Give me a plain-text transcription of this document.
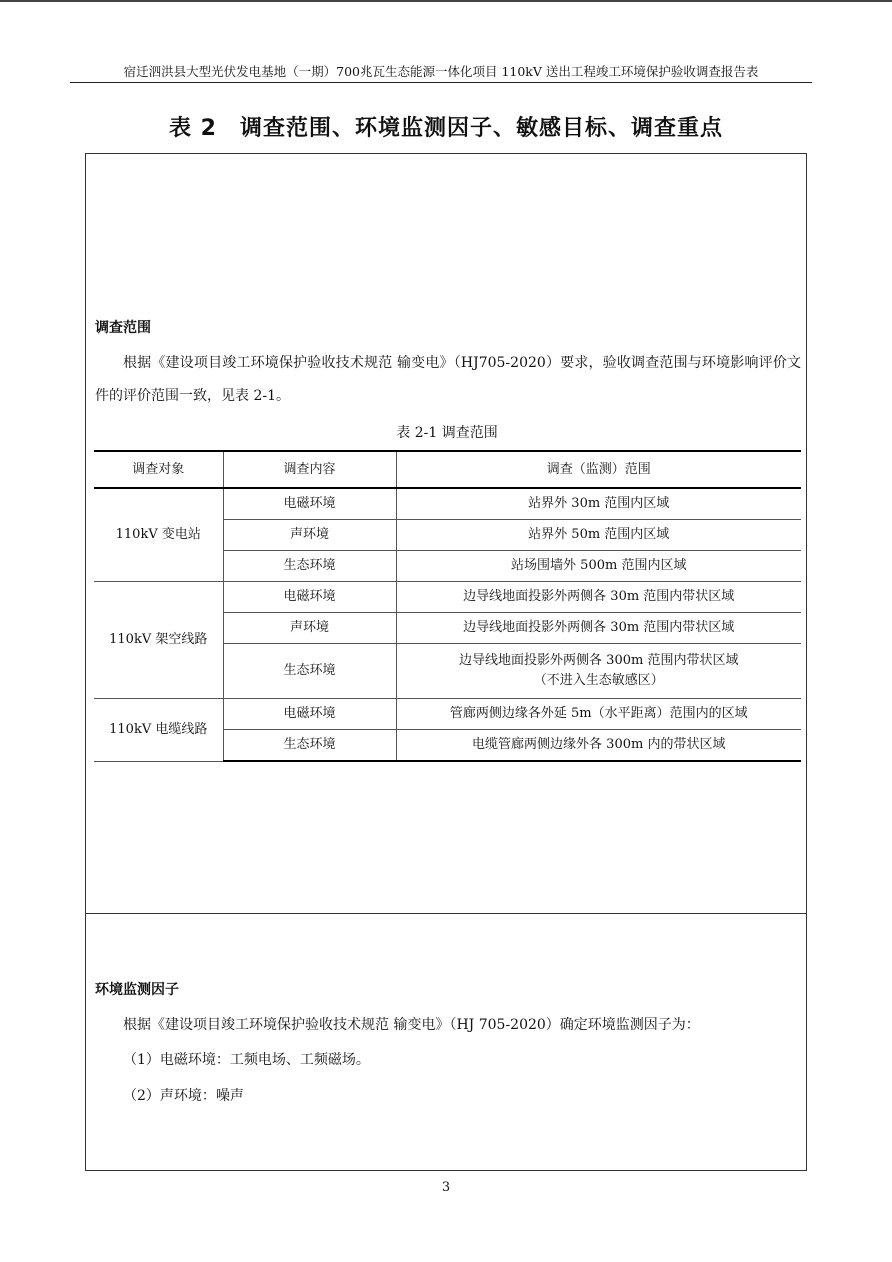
宿迁泗洪县大型光伏发电基地（一期）700兆瓦生态能源一体化项目 110kV 送出工程竣工环境保护验收调查报告表
表 2　调查范围、环境监测因子、敏感目标、调查重点
调查范围

根据《建设项目竣工环境保护验收技术规范 输变电》（HJ705-2020）要求，验收调查范围与环境影响评价文件的评价范围一致，见表 2-1。

表 2-1 调查范围
调查对象	调查内容	调查（监测）范围
110kV 变电站	电磁环境	站界外 30m 范围内区域
	声环境	站界外 50m 范围内区域
	生态环境	站场围墙外 500m 范围内区域
110kV 架空线路	电磁环境	边导线地面投影外两侧各 30m 范围内带状区域
	声环境	边导线地面投影外两侧各 30m 范围内带状区域
	生态环境	边导线地面投影外两侧各 300m 范围内带状区域
（不进入生态敏感区）

110kV 电缆线路	电磁环境	管廊两侧边缘各外延 5m（水平距离）范围内的区域
	生态环境	电缆管廊两侧边缘外各 300m 内的带状区域
环境监测因子

根据《建设项目竣工环境保护验收技术规范 输变电》（HJ 705-2020）确定环境监测因子为：

（1）电磁环境：工频电场、工频磁场。
（2）声环境：噪声
3
